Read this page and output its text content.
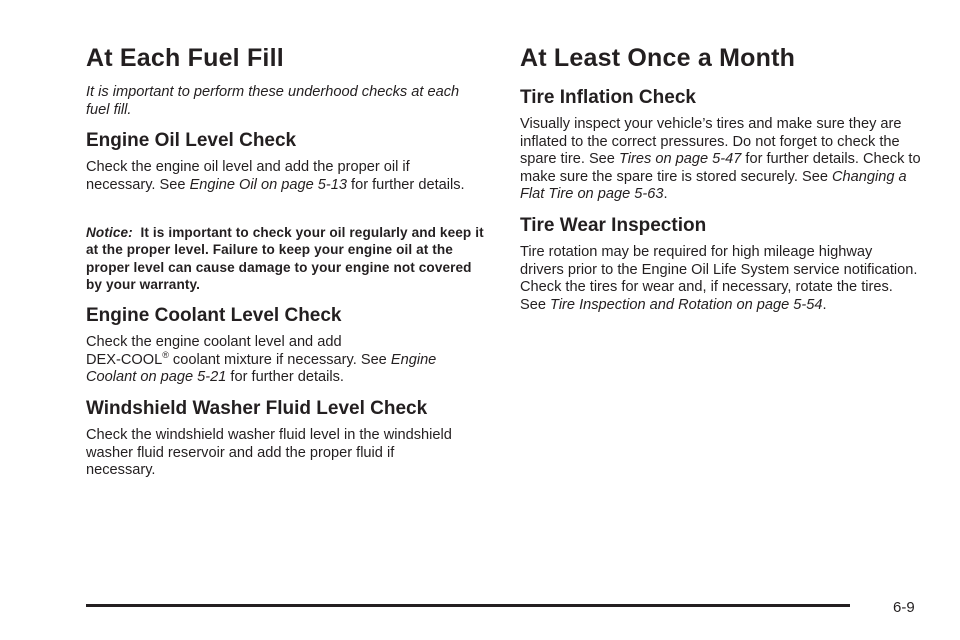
At Each Fuel Fill

It is important to perform these underhood checks at each fuel fill.

Engine Oil Level Check

Check the engine oil level and add the proper oil if necessary. See Engine Oil on page 5-13 for further details.

Notice: It is important to check your oil regularly and keep it at the proper level. Failure to keep your engine oil at the proper level can cause damage to your engine not covered by your warranty.

Engine Coolant Level Check

Check the engine coolant level and add
DEX-COOL® coolant mixture if necessary. See Engine Coolant on page 5-21 for further details.

Windshield Washer Fluid Level Check

Check the windshield washer fluid level in the windshield washer fluid reservoir and add the proper fluid if necessary.

At Least Once a Month
Tire Inflation Check

Visually inspect your vehicle’s tires and make sure they are inflated to the correct pressures. Do not forget to check the spare tire. See Tires on page 5-47 for further details. Check to make sure the spare tire is stored securely. See Changing a Flat Tire on page 5-63.

Tire Wear Inspection

Tire rotation may be required for high mileage highway drivers prior to the Engine Oil Life System service notification. Check the tires for wear and, if necessary, rotate the tires. See Tire Inspection and Rotation on page 5-54.

6-9
